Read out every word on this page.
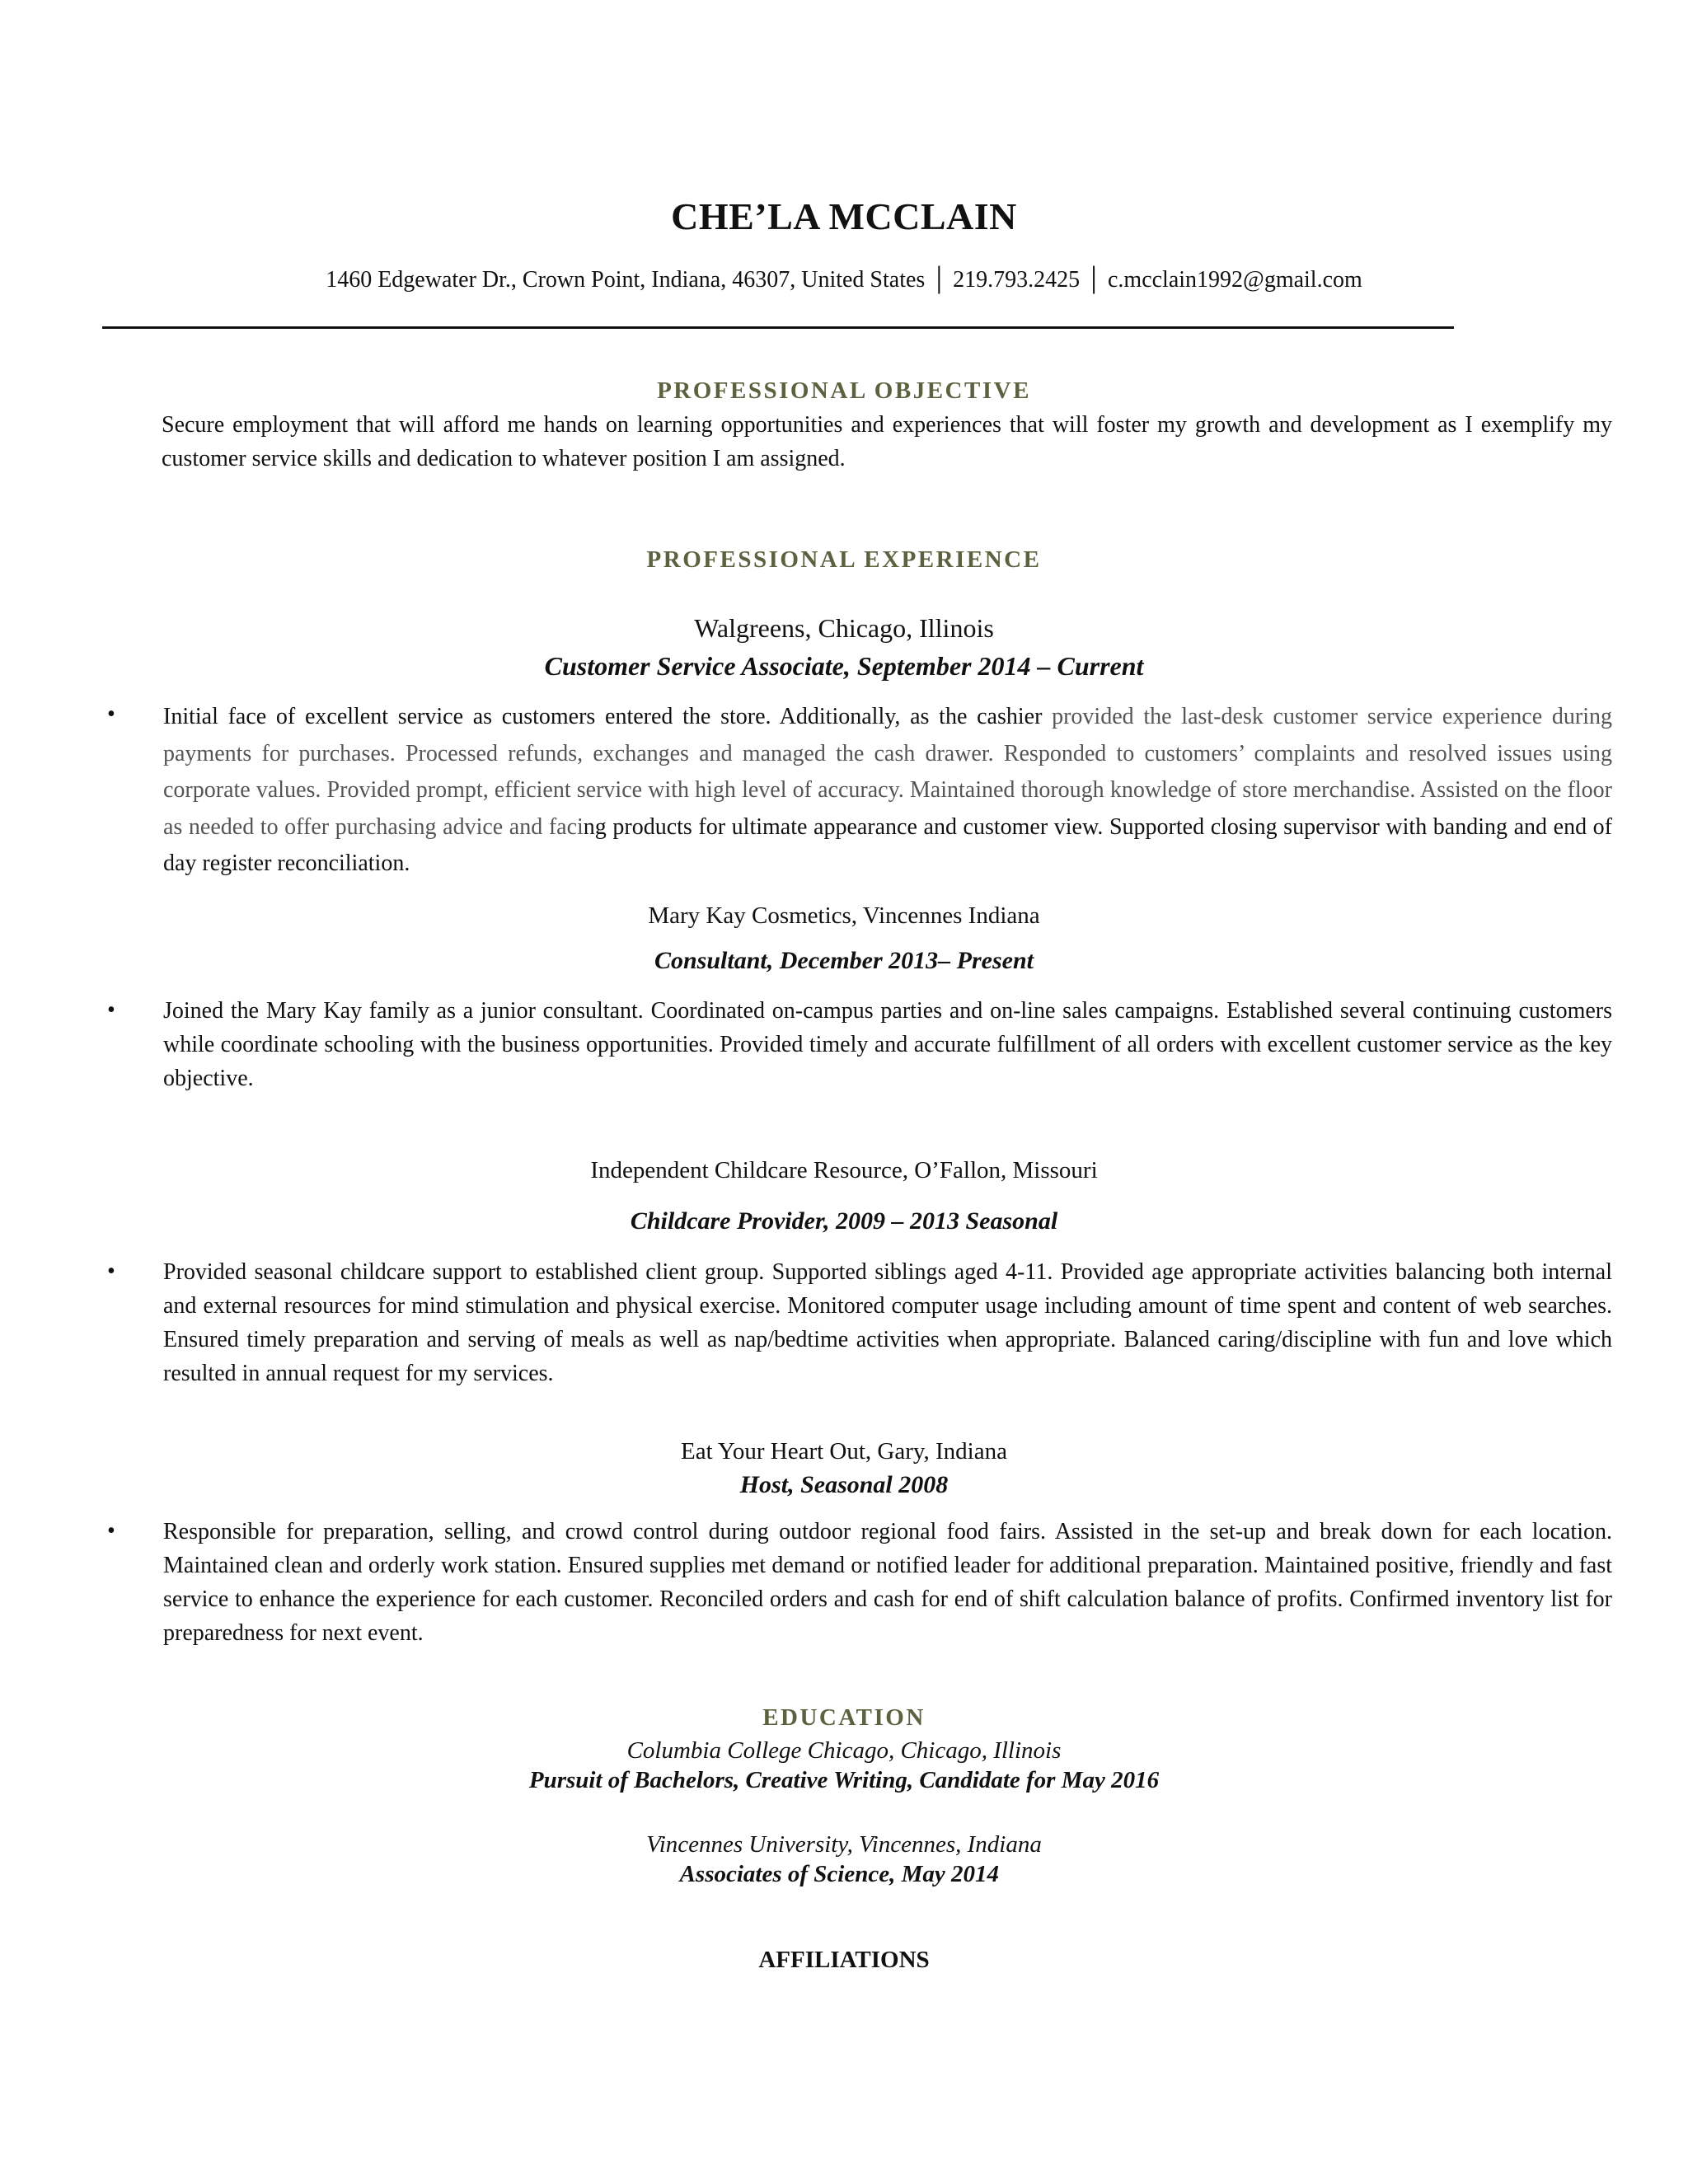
CHE’LA MCCLAIN
1460 Edgewater Dr., Crown Point, Indiana, 46307, United States │ 219.793.2425 │ c.mcclain1992@gmail.com
PROFESSIONAL OBJECTIVE
Secure employment that will afford me hands on learning opportunities and experiences that will foster my growth and development as I exemplify my customer service skills and dedication to whatever position I am assigned.
PROFESSIONAL EXPERIENCE
Walgreens, Chicago, Illinois
Customer Service Associate, September 2014 – Current
• Initial face of excellent service as customers entered the store. Additionally, as the cashier provided the last-desk customer service experience during payments for purchases. Processed refunds, exchanges and managed the cash drawer. Responded to customers’ complaints and resolved issues using corporate values. Provided prompt, efficient service with high level of accuracy. Maintained thorough knowledge of store merchandise. Assisted on the floor as needed to offer purchasing advice and facing products for ultimate appearance and customer view. Supported closing supervisor with banding and end of day register reconciliation.
Mary Kay Cosmetics, Vincennes Indiana
Consultant, December 2013– Present
• Joined the Mary Kay family as a junior consultant. Coordinated on-campus parties and on-line sales campaigns. Established several continuing customers while coordinate schooling with the business opportunities. Provided timely and accurate fulfillment of all orders with excellent customer service as the key objective.
Independent Childcare Resource, O’Fallon, Missouri
Childcare Provider, 2009 – 2013 Seasonal
• Provided seasonal childcare support to established client group. Supported siblings aged 4-11. Provided age appropriate activities balancing both internal and external resources for mind stimulation and physical exercise. Monitored computer usage including amount of time spent and content of web searches. Ensured timely preparation and serving of meals as well as nap/bedtime activities when appropriate. Balanced caring/discipline with fun and love which resulted in annual request for my services.
Eat Your Heart Out, Gary, Indiana
Host, Seasonal 2008
• Responsible for preparation, selling, and crowd control during outdoor regional food fairs. Assisted in the set-up and break down for each location. Maintained clean and orderly work station. Ensured supplies met demand or notified leader for additional preparation. Maintained positive, friendly and fast service to enhance the experience for each customer. Reconciled orders and cash for end of shift calculation balance of profits. Confirmed inventory list for preparedness for next event.
EDUCATION
Columbia College Chicago, Chicago, Illinois
Pursuit of Bachelors, Creative Writing, Candidate for May 2016
Vincennes University, Vincennes, Indiana
Associates of Science, May 2014
AFFILIATIONS
